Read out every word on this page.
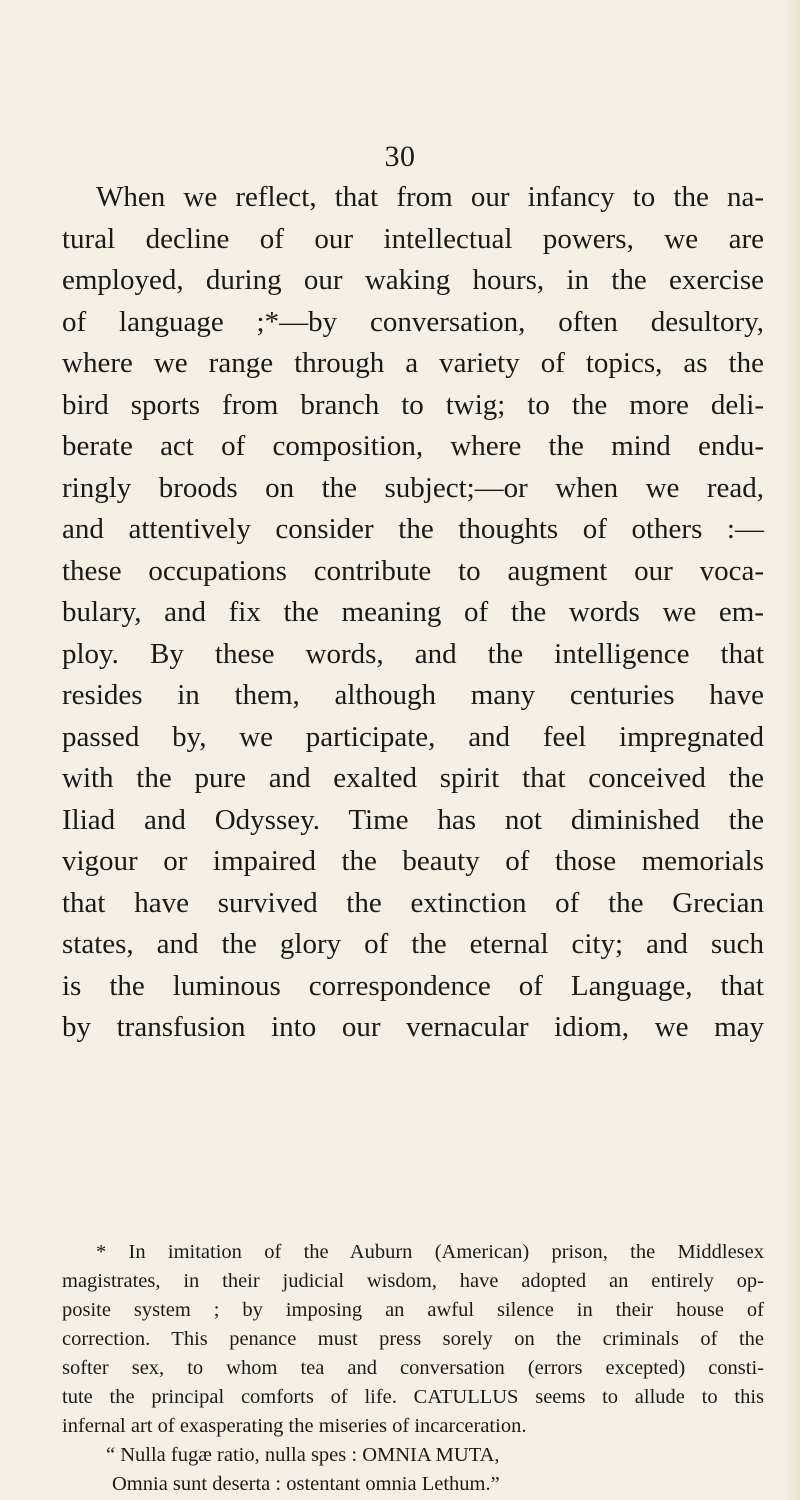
30
When we reflect, that from our infancy to the na-
tural decline of our intellectual powers, we are
employed, during our waking hours, in the exercise
of language ;*—by conversation, often desultory,
where we range through a variety of topics, as the
bird sports from branch to twig; to the more deli-
berate act of composition, where the mind endu-
ringly broods on the subject;—or when we read,
and attentively consider the thoughts of others :—
these occupations contribute to augment our voca-
bulary, and fix the meaning of the words we em-
ploy. By these words, and the intelligence that
resides in them, although many centuries have
passed by, we participate, and feel impregnated
with the pure and exalted spirit that conceived the
Iliad and Odyssey. Time has not diminished the
vigour or impaired the beauty of those memorials
that have survived the extinction of the Grecian
states, and the glory of the eternal city; and such
is the luminous correspondence of Language, that
by transfusion into our vernacular idiom, we may
* In imitation of the Auburn (American) prison, the Middlesex
magistrates, in their judicial wisdom, have adopted an entirely op-
posite system ; by imposing an awful silence in their house of
correction. This penance must press sorely on the criminals of the
softer sex, to whom tea and conversation (errors excepted) consti-
tute the principal comforts of life. CATULLUS seems to allude to this
infernal art of exasperating the miseries of incarceration.
“ Nulla fugæ ratio, nulla spes : OMNIA MUTA,
Omnia sunt deserta : ostentant omnia Lethum.”
